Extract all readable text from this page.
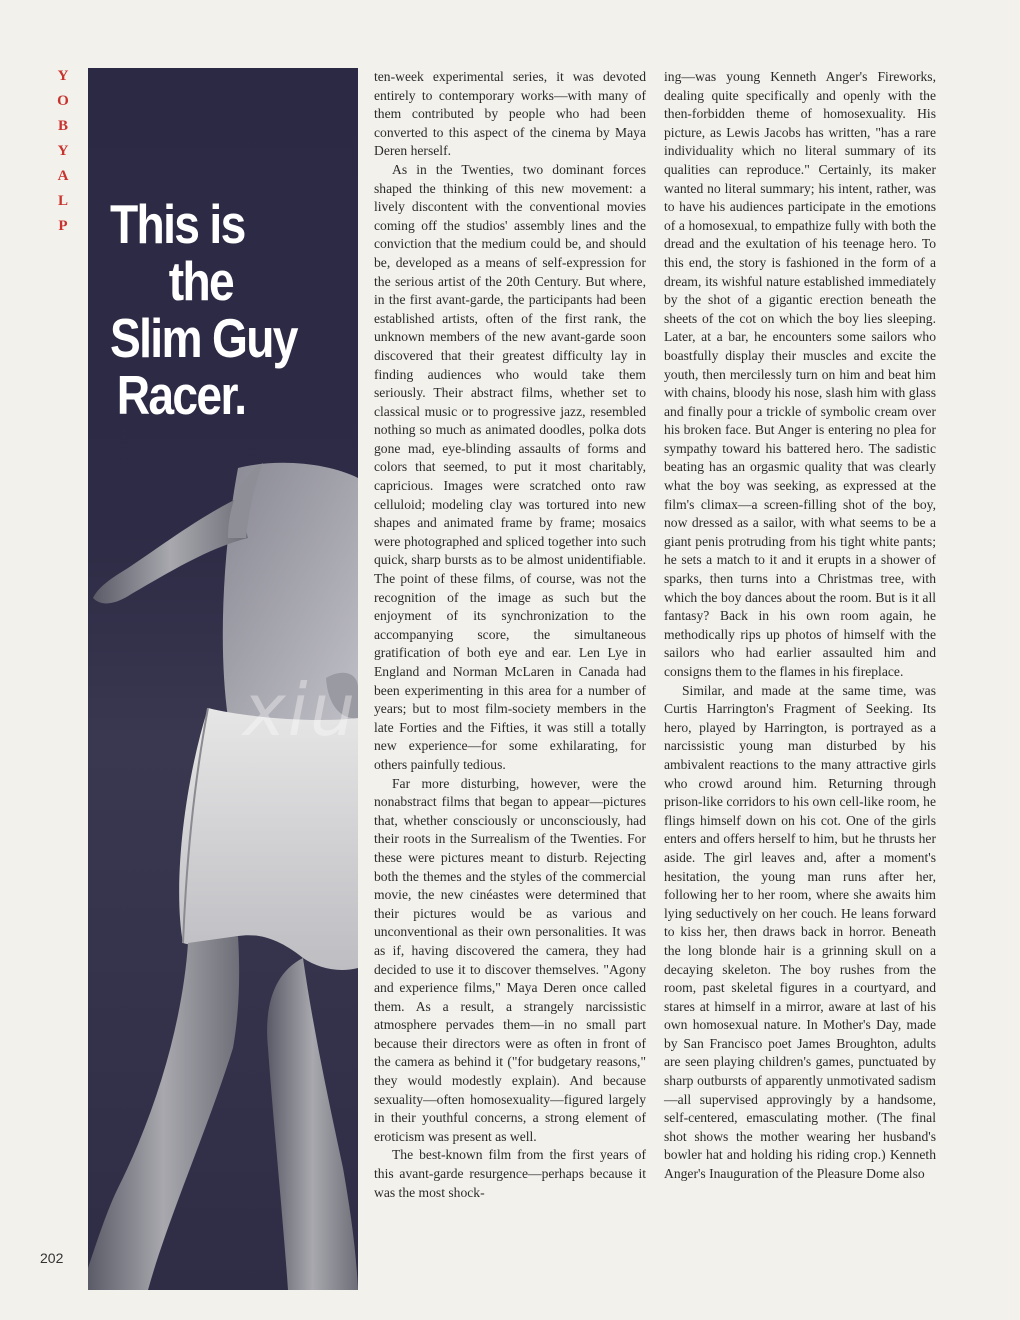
Y
O
B
Y
A
L
P This is
the
Slim Guy
Racer.
xiu

ten-week experimental series, it was devoted entirely to contemporary works—with many of them contributed by people who had been converted to this aspect of the cinema by Maya Deren herself.

As in the Twenties, two dominant forces shaped the thinking of this new movement: a lively discontent with the conventional movies coming off the studios' assembly lines and the conviction that the medium could be, and should be, developed as a means of self-expression for the serious artist of the 20th Century. But where, in the first avant-garde, the participants had been established artists, often of the first rank, the unknown members of the new avant-garde soon discovered that their greatest difficulty lay in finding audiences who would take them seriously. Their abstract films, whether set to classical music or to progressive jazz, resembled nothing so much as animated doodles, polka dots gone mad, eye-blinding assaults of forms and colors that seemed, to put it most charitably, capricious. Images were scratched onto raw celluloid; modeling clay was tortured into new shapes and animated frame by frame; mosaics were photographed and spliced together into such quick, sharp bursts as to be almost unidentifiable. The point of these films, of course, was not the recognition of the image as such but the enjoyment of its synchronization to the accompanying score, the simultaneous gratification of both eye and ear. Len Lye in England and Norman McLaren in Canada had been experimenting in this area for a number of years; but to most film-society members in the late Forties and the Fifties, it was still a totally new experience—for some exhilarating, for others painfully tedious.

Far more disturbing, however, were the nonabstract films that began to appear—pictures that, whether consciously or unconsciously, had their roots in the Surrealism of the Twenties. For these were pictures meant to disturb. Rejecting both the themes and the styles of the commercial movie, the new cinéastes were determined that their pictures would be as various and unconventional as their own personalities. It was as if, having discovered the camera, they had decided to use it to discover themselves. "Agony and experience films," Maya Deren once called them. As a result, a strangely narcissistic atmosphere pervades them—in no small part because their directors were as often in front of the camera as behind it ("for budgetary reasons," they would modestly explain). And because sexuality—often homosexuality—figured largely in their youthful concerns, a strong element of eroticism was present as well.

The best-known film from the first years of this avant-garde resurgence—perhaps because it was the most shock-

ing—was young Kenneth Anger's Fireworks, dealing quite specifically and openly with the then-forbidden theme of homosexuality. His picture, as Lewis Jacobs has written, "has a rare individuality which no literal summary of its qualities can reproduce." Certainly, its maker wanted no literal summary; his intent, rather, was to have his audiences participate in the emotions of a homosexual, to empathize fully with both the dread and the exultation of his teenage hero. To this end, the story is fashioned in the form of a dream, its wishful nature established immediately by the shot of a gigantic erection beneath the sheets of the cot on which the boy lies sleeping. Later, at a bar, he encounters some sailors who boastfully display their muscles and excite the youth, then mercilessly turn on him and beat him with chains, bloody his nose, slash him with glass and finally pour a trickle of symbolic cream over his broken face. But Anger is entering no plea for sympathy toward his battered hero. The sadistic beating has an orgasmic quality that was clearly what the boy was seeking, as expressed at the film's climax—a screen-filling shot of the boy, now dressed as a sailor, with what seems to be a giant penis protruding from his tight white pants; he sets a match to it and it erupts in a shower of sparks, then turns into a Christmas tree, with which the boy dances about the room. But is it all fantasy? Back in his own room again, he methodically rips up photos of himself with the sailors who had earlier assaulted him and consigns them to the flames in his fireplace.

Similar, and made at the same time, was Curtis Harrington's Fragment of Seeking. Its hero, played by Harrington, is portrayed as a narcissistic young man disturbed by his ambivalent reactions to the many attractive girls who crowd around him. Returning through prison-like corridors to his own cell-like room, he flings himself down on his cot. One of the girls enters and offers herself to him, but he thrusts her aside. The girl leaves and, after a moment's hesitation, the young man runs after her, following her to her room, where she awaits him lying seductively on her couch. He leans forward to kiss her, then draws back in horror. Beneath the long blonde hair is a grinning skull on a decaying skeleton. The boy rushes from the room, past skeletal figures in a courtyard, and stares at himself in a mirror, aware at last of his own homosexual nature. In Mother's Day, made by San Francisco poet James Broughton, adults are seen playing children's games, punctuated by sharp outbursts of apparently unmotivated sadism—all supervised approvingly by a handsome, self-centered, emasculating mother. (The final shot shows the mother wearing her husband's bowler hat and holding his riding crop.) Kenneth Anger's Inauguration of the Pleasure Dome also

202
